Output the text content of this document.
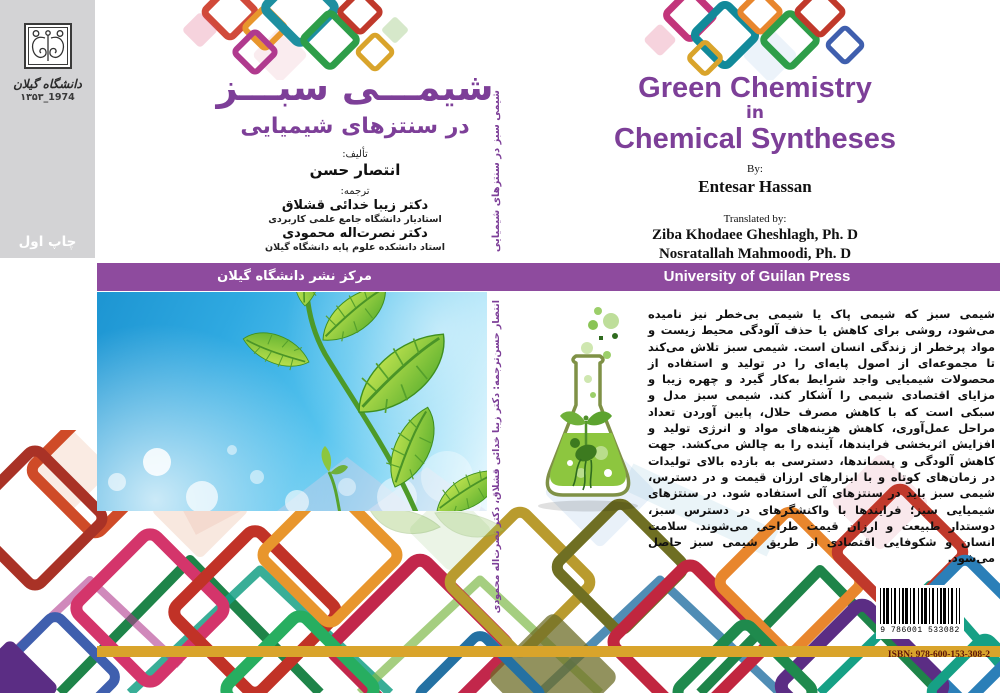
دانشگاه گیلان
۱۳۵۳_1974
چاپ اول
شیمـــی سبـــز
در سنتزهای شیمیایی
تألیف:
انتصار حسن
ترجمه:
دکتر زیبا خدائی قشلاق
استادیار دانشگاه جامع علمی کاربردی
دکتر نصرت‌اله محمودی
استاد دانشکده علوم پایه دانشگاه گیلان
Green Chemistry
in
Chemical Syntheses
By:
Entesar Hassan
Translated by:
Ziba Khodaee Gheshlagh, Ph. D
Nosratallah Mahmoodi, Ph. D
مرکز نشر دانشگاه گیلان	University of Guilan Press
شیمی سبز در سنتزهای شیمیایی
انتصار حسن
ترجمه: دکتر زیبا خدائی قشلاق، دکتر نصرت‌اله محمودی
شیمی سبز که شیمی پاک یا شیمی بی‌خطر نیز نامیده می‌شود، روشی برای کاهش یا حذف آلودگی محیط زیست و مواد پرخطر از زندگی انسان است. شیمی سبز تلاش می‌کند تا مجموعه‌ای از اصول پایه‌ای را در تولید و استفاده از محصولات شیمیایی واجد شرایط به‌کار گیرد و چهره زیبا و مزایای اقتصادی شیمی را آشکار کند. شیمی سبز مدل و سبکی است که با کاهش مصرف حلال، پایین آوردن تعداد مراحل عمل‌آوری، کاهش هزینه‌های مواد و انرژی تولید و افزایش اثربخشی فرایندها، آینده را به چالش می‌کشد. جهت کاهش آلودگی و پسماندها، دسترسی به بازده بالای تولیدات در زمان‌های کوتاه و با ابزارهای ارزان قیمت و در دسترس، شیمی سبز باید در سنتزهای آلی استفاده شود. در سنتزهای شیمیایی سبز؛ فرایندها با واکنشگرهای در دسترس سبز، دوستدار طبیعت و ارزان قیمت طراحی می‌شوند. سلامت انسان و شکوفایی اقتصادی از طریق شیمی سبز حاصل می‌شود.
9 786001 533082
ISBN: 978-600-153-308-2
